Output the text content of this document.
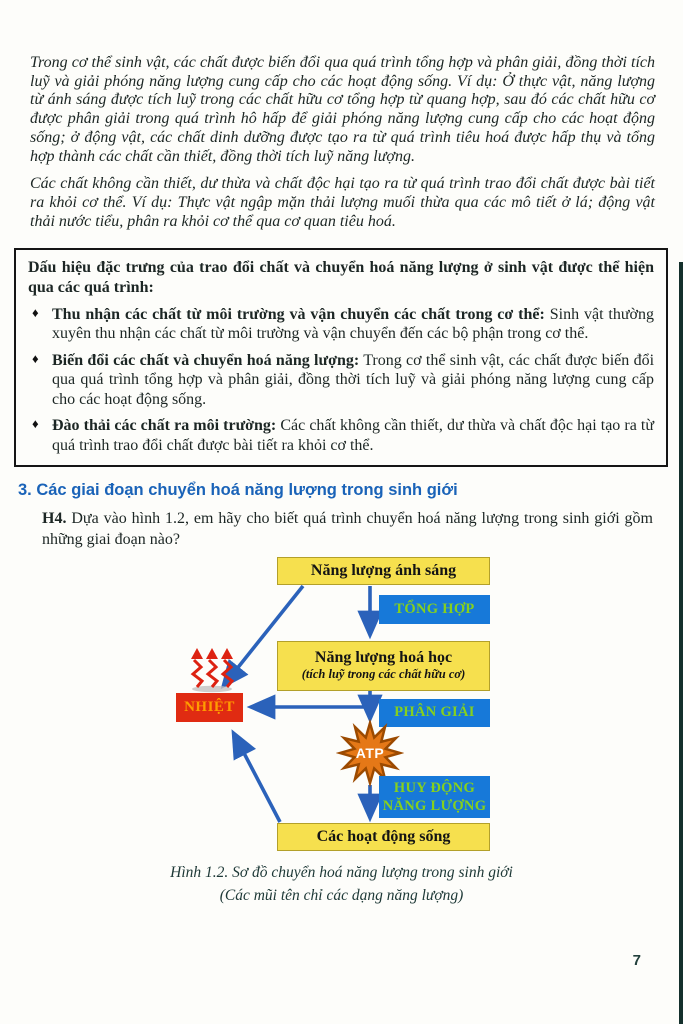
Trong cơ thể sinh vật, các chất được biến đổi qua quá trình tổng hợp và phân giải, đồng thời tích luỹ và giải phóng năng lượng cung cấp cho các hoạt động sống. Ví dụ: Ở thực vật, năng lượng từ ánh sáng được tích luỹ trong các chất hữu cơ tổng hợp từ quang hợp, sau đó các chất hữu cơ được phân giải trong quá trình hô hấp để giải phóng năng lượng cung cấp cho các hoạt động sống; ở động vật, các chất dinh dưỡng được tạo ra từ quá trình tiêu hoá được hấp thụ và tổng hợp thành các chất cần thiết, đồng thời tích luỹ năng lượng.

Các chất không cần thiết, dư thừa và chất độc hại tạo ra từ quá trình trao đổi chất được bài tiết ra khỏi cơ thể. Ví dụ: Thực vật ngập mặn thải lượng muối thừa qua các mô tiết ở lá; động vật thải nước tiểu, phân ra khỏi cơ thể qua cơ quan tiêu hoá.

Dấu hiệu đặc trưng của trao đổi chất và chuyển hoá năng lượng ở sinh vật được thể hiện qua các quá trình:

♦ Thu nhận các chất từ môi trường và vận chuyển các chất trong cơ thể: Sinh vật thường xuyên thu nhận các chất từ môi trường và vận chuyển đến các bộ phận trong cơ thể.
♦ Biến đổi các chất và chuyển hoá năng lượng: Trong cơ thể sinh vật, các chất được biến đổi qua quá trình tổng hợp và phân giải, đồng thời tích luỹ và giải phóng năng lượng cung cấp cho các hoạt động sống.
♦ Đào thải các chất ra môi trường: Các chất không cần thiết, dư thừa và chất độc hại tạo ra từ quá trình trao đổi chất được bài tiết ra khỏi cơ thể.
3. Các giai đoạn chuyển hoá năng lượng trong sinh giới

H4. Dựa vào hình 1.2, em hãy cho biết quá trình chuyển hoá năng lượng trong sinh giới gồm những giai đoạn nào?

Năng lượng ánh sáng
TỔNG HỢP
Năng lượng hoá học
(tích luỹ trong các chất hữu cơ)
NHIỆT	PHÂN GIẢI
ATP
HUY ĐỘNG
NĂNG LƯỢNG
Các hoạt động sống
Hình 1.2. Sơ đồ chuyển hoá năng lượng trong sinh giới
(Các mũi tên chỉ các dạng năng lượng)
7
